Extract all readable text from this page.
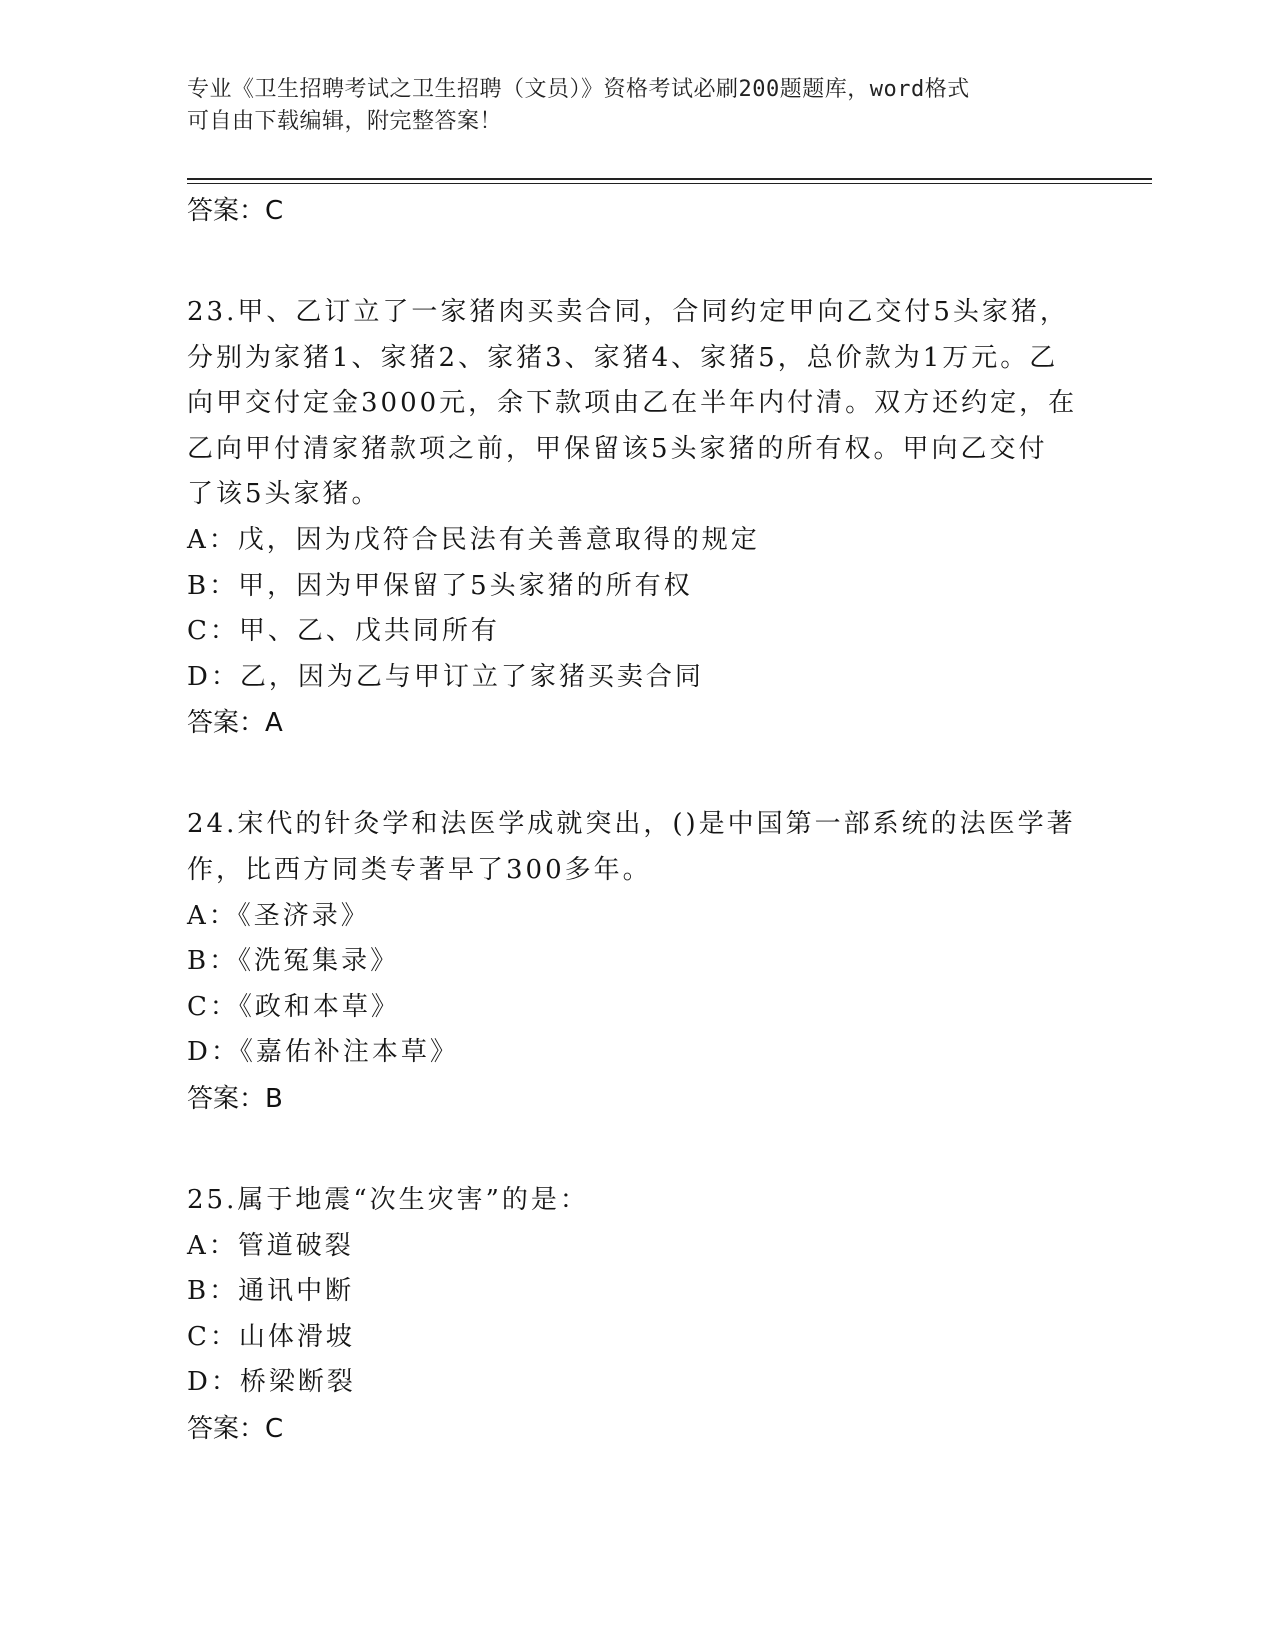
专业《卫生招聘考试之卫生招聘（文员）》资格考试必刷200题题库，word格式
可自由下载编辑，附完整答案！
答案：C
23.甲、乙订立了一家猪肉买卖合同，合同约定甲向乙交付5头家猪，
分别为家猪1、家猪2、家猪3、家猪4、家猪5，总价款为1万元。乙
向甲交付定金3000元，余下款项由乙在半年内付清。双方还约定，在
乙向甲付清家猪款项之前，甲保留该5头家猪的所有权。甲向乙交付
了该5头家猪。
A：戊，因为戊符合民法有关善意取得的规定
B：甲，因为甲保留了5头家猪的所有权
C：甲、乙、戊共同所有
D：乙，因为乙与甲订立了家猪买卖合同
答案：A
24.宋代的针灸学和法医学成就突出，()是中国第一部系统的法医学著
作，比西方同类专著早了300多年。
A：《圣济录》
B：《洗冤集录》
C：《政和本草》
D：《嘉佑补注本草》
答案：B
25.属于地震“次生灾害”的是：
A：管道破裂
B：通讯中断
C：山体滑坡
D：桥梁断裂
答案：C
